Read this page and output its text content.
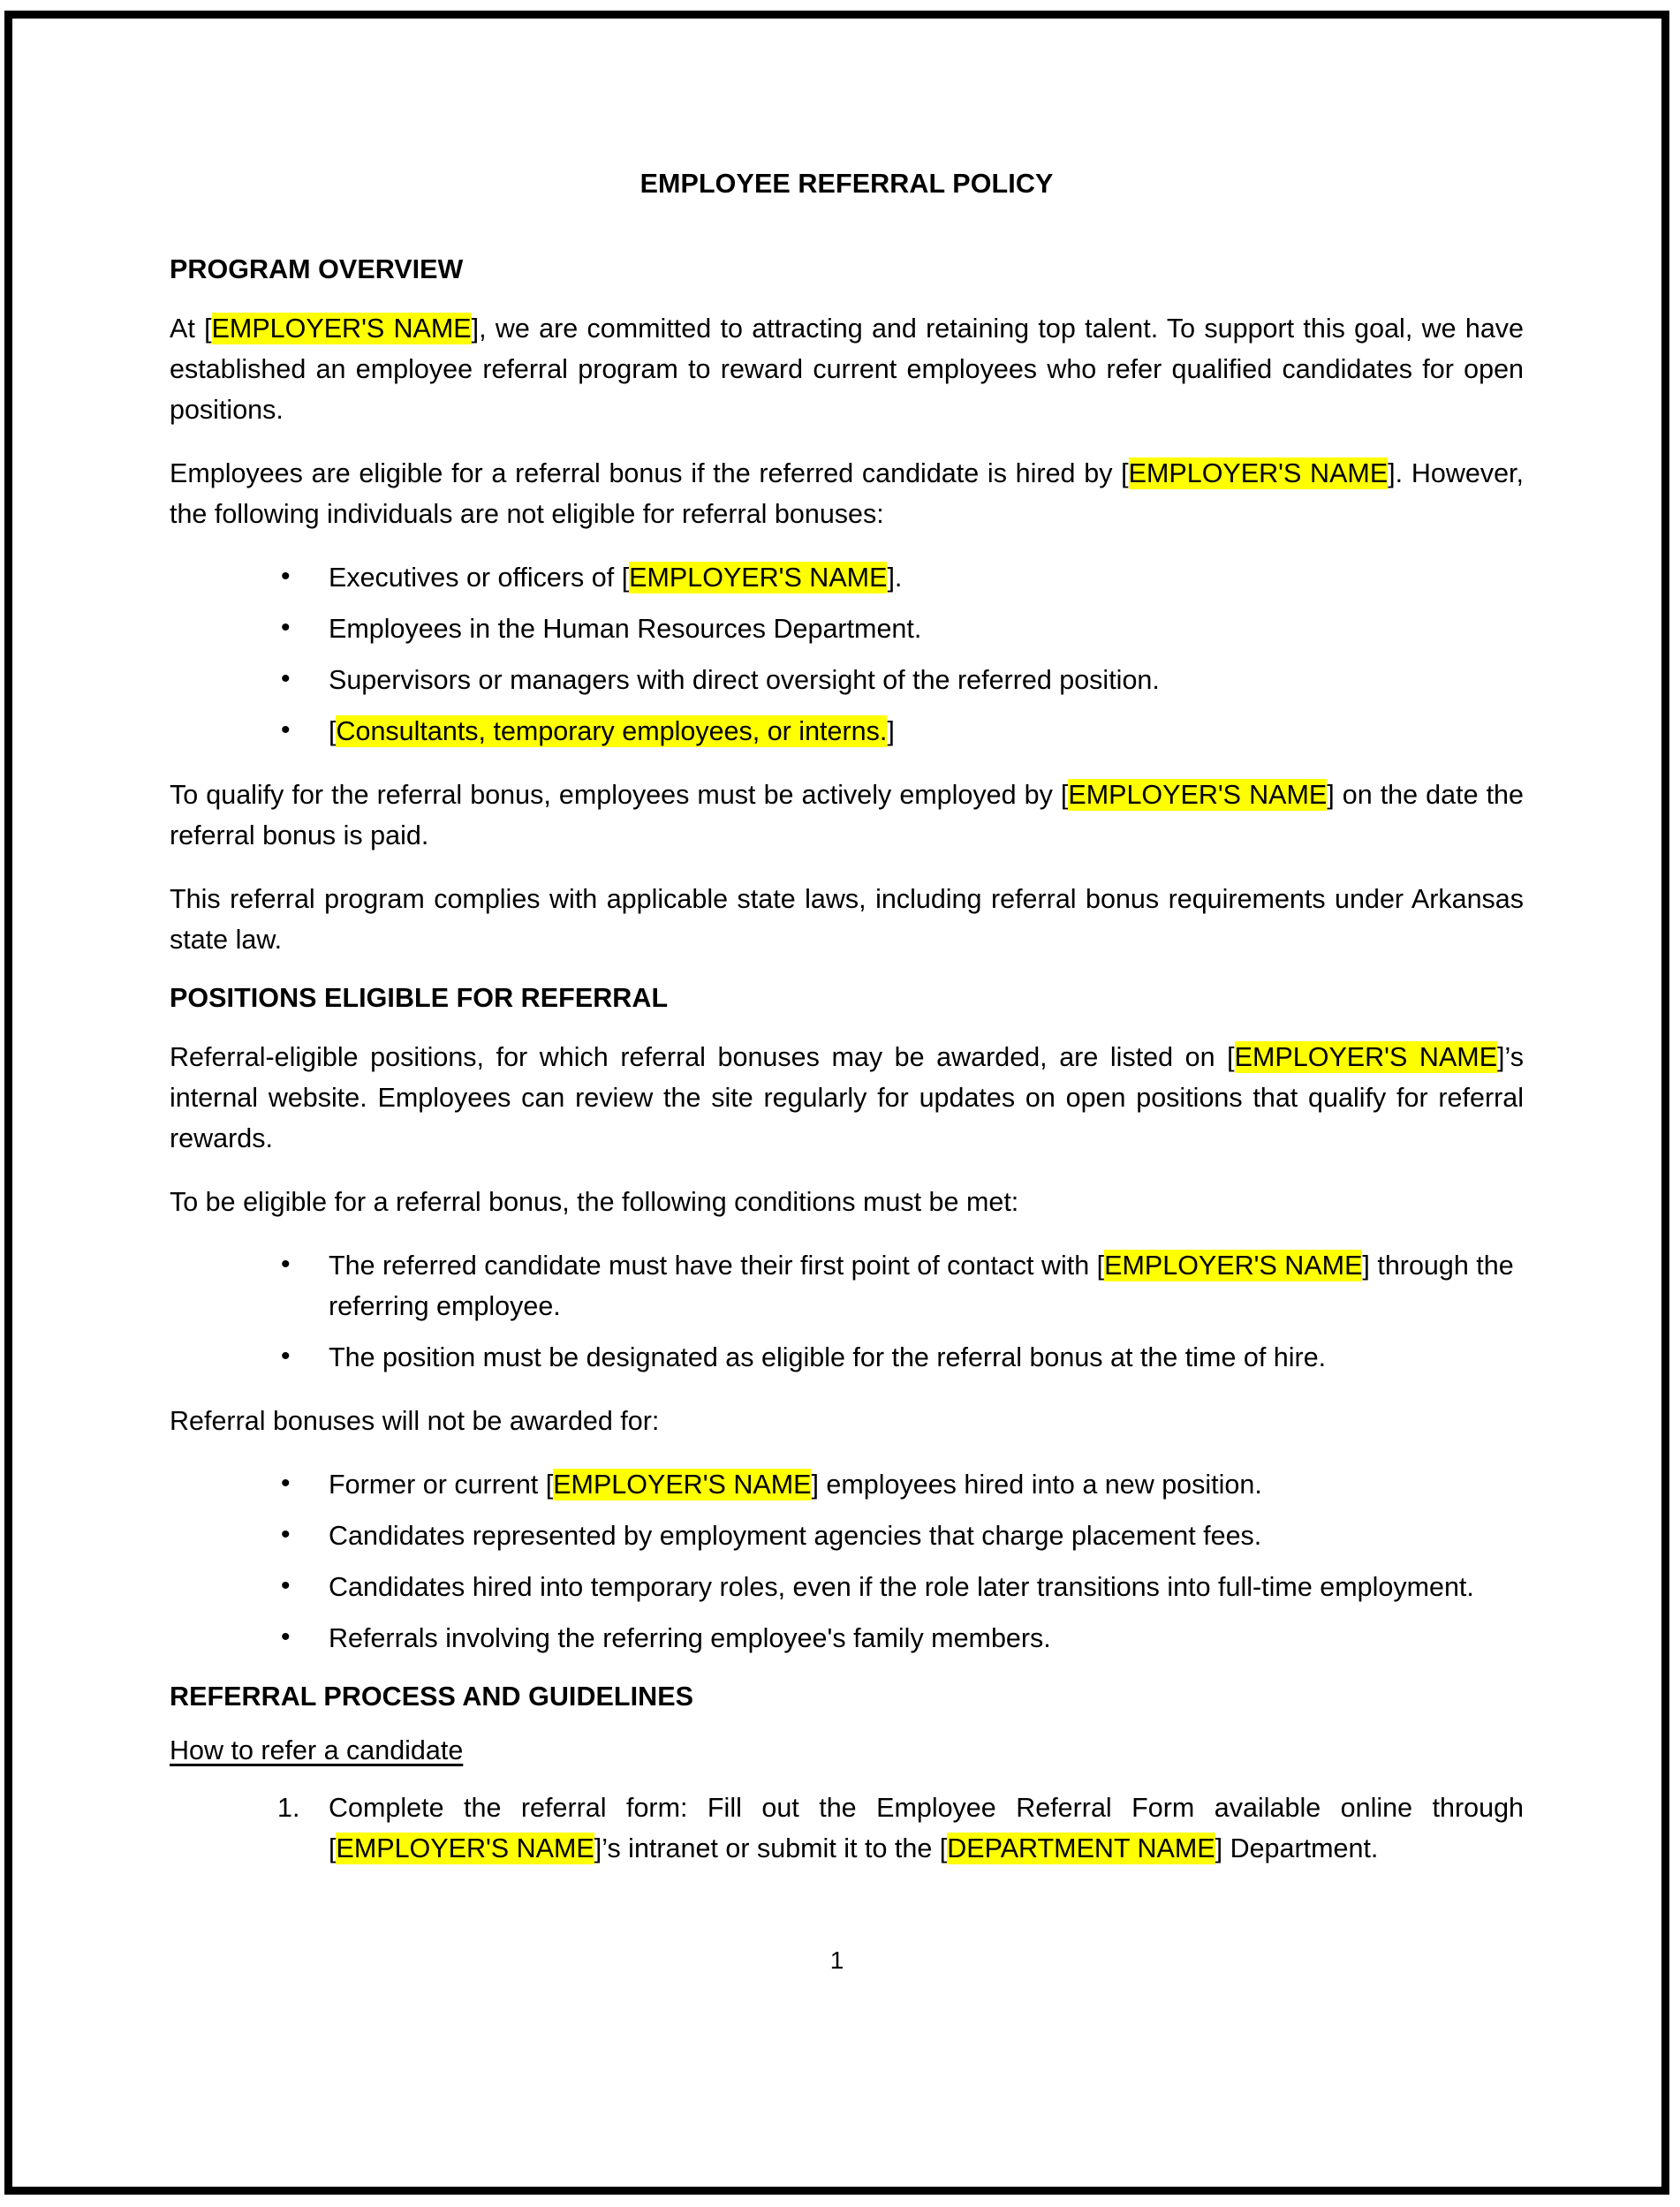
EMPLOYEE REFERRAL POLICY
PROGRAM OVERVIEW

At [EMPLOYER'S NAME], we are committed to attracting and retaining top talent. To support this goal, we have established an employee referral program to reward current employees who refer qualified candidates for open positions.

Employees are eligible for a referral bonus if the referred candidate is hired by [EMPLOYER'S NAME]. However, the following individuals are not eligible for referral bonuses:

• Executives or officers of [EMPLOYER'S NAME].
• Employees in the Human Resources Department.
• Supervisors or managers with direct oversight of the referred position.
• [Consultants, temporary employees, or interns.]

To qualify for the referral bonus, employees must be actively employed by [EMPLOYER'S NAME] on the date the referral bonus is paid.

This referral program complies with applicable state laws, including referral bonus requirements under Arkansas state law.

POSITIONS ELIGIBLE FOR REFERRAL

Referral-eligible positions, for which referral bonuses may be awarded, are listed on [EMPLOYER'S NAME]’s internal website. Employees can review the site regularly for updates on open positions that qualify for referral rewards.

To be eligible for a referral bonus, the following conditions must be met:

• The referred candidate must have their first point of contact with [EMPLOYER'S NAME] through the referring employee.
• The position must be designated as eligible for the referral bonus at the time of hire.

Referral bonuses will not be awarded for:

• Former or current [EMPLOYER'S NAME] employees hired into a new position.
• Candidates represented by employment agencies that charge placement fees.
• Candidates hired into temporary roles, even if the role later transitions into full-time employment.
• Referrals involving the referring employee's family members.
REFERRAL PROCESS AND GUIDELINES
How to refer a candidate
Complete the referral form: Fill out the Employee Referral Form available online through [EMPLOYER'S NAME]’s intranet or submit it to the [DEPARTMENT NAME] Department.
1
